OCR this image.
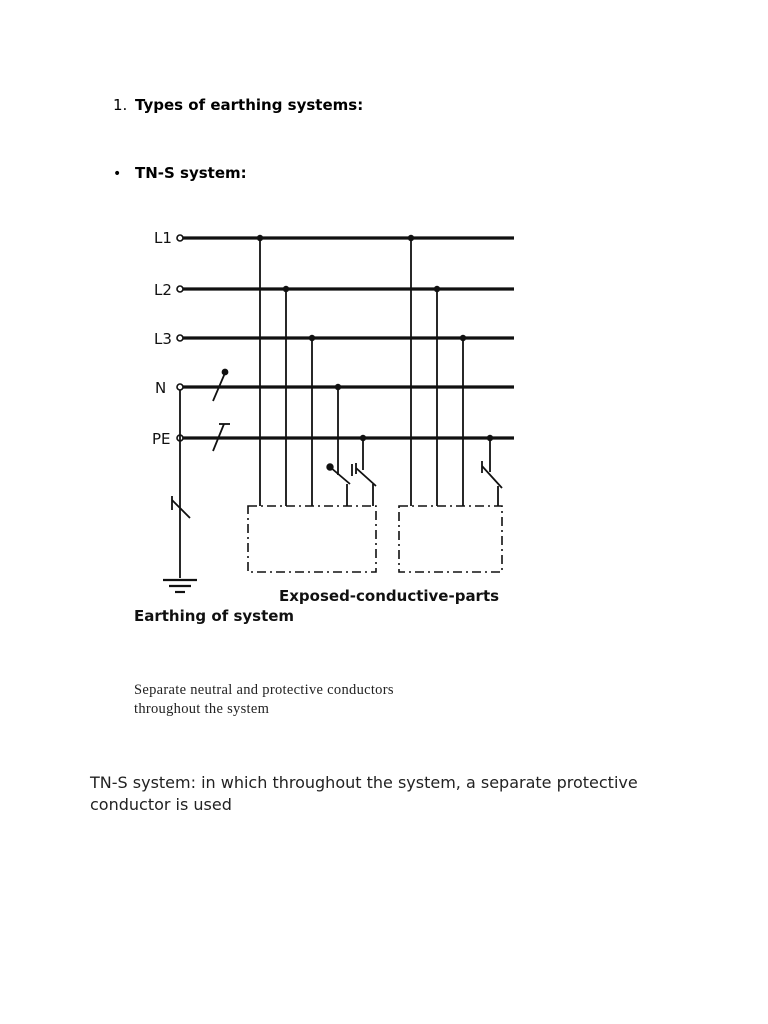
1. Types of earthing systems:
• TN-S system:
L1
L2
L3
N
PE
Exposed-conductive-parts
Earthing of system
Separate neutral and protective conductors
throughout the system
TN-S system: in which throughout the system, a separate protective conductor is used
